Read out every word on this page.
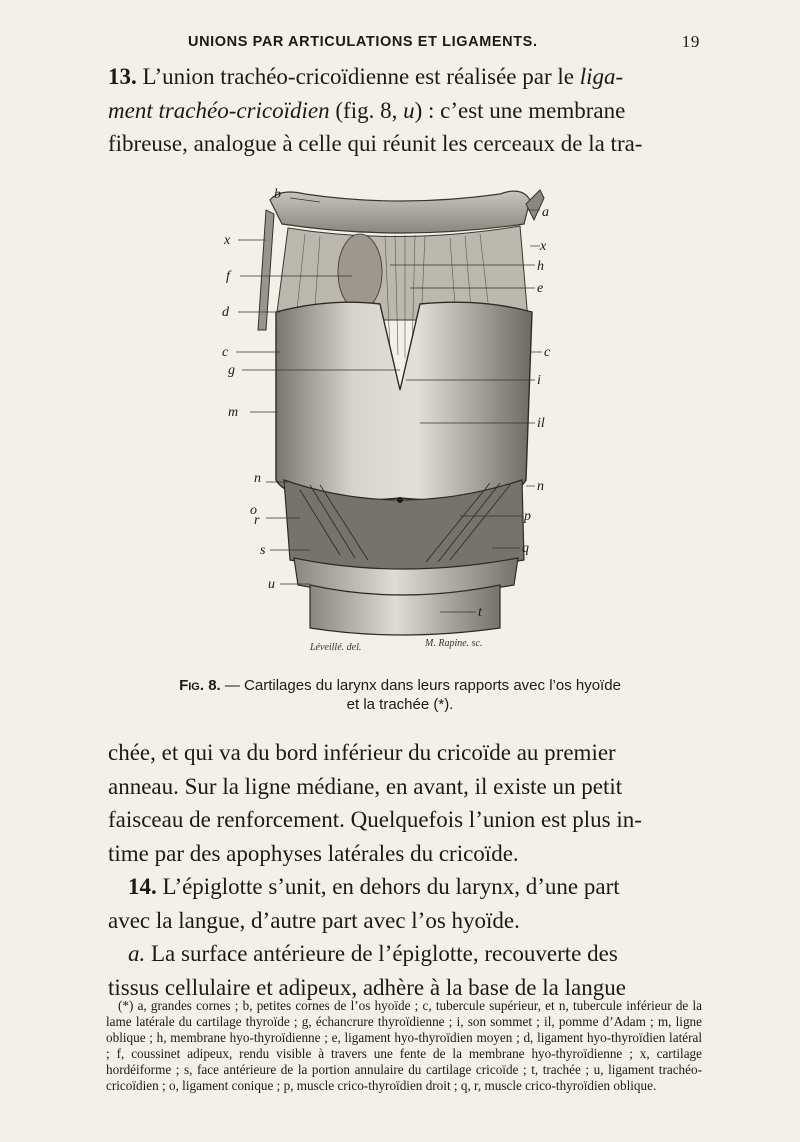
UNIONS PAR ARTICULATIONS ET LIGAMENTS.	19

13. L’union trachéo-cricoïdienne est réalisée par le liga-

ment trachéo-cricoïdien (fig. 8, u) : c’est une membrane

fibreuse, analogue à celle qui réunit les cerceaux de la tra-

b
a
x	x
f
h
e
d
c	c
g
i
m
il
n
n
o
r	p
s	q
u
t
Léveillé. del.	M. Rapine. sc.
Fig. 8. — Cartilages du larynx dans leurs rapports avec l’os hyoïde
et la trachée (*).

chée, et qui va du bord inférieur du cricoïde au premier

anneau. Sur la ligne médiane, en avant, il existe un petit

faisceau de renforcement. Quelquefois l’union est plus in-

time par des apophyses latérales du cricoïde.

14. L’épiglotte s’unit, en dehors du larynx, d’une part

avec la langue, d’autre part avec l’os hyoïde.

a. La surface antérieure de l’épiglotte, recouverte des

tissus cellulaire et adipeux, adhère à la base de la langue

(*) a, grandes cornes ; b, petites cornes de l’os hyoïde ; c, tubercule supérieur, et n, tubercule inférieur de la lame latérale du cartilage thyroïde ; g, échancrure thyroïdienne ; i, son sommet ; il, pomme d’Adam ; m, ligne oblique ; h, membrane hyo-thyroïdienne ; e, ligament hyo-thyroïdien moyen ; d, ligament hyo-thyroïdien latéral ; f, coussinet adipeux, rendu visible à travers une fente de la membrane hyo-thyroïdienne ; x, cartilage hordéiforme ; s, face antérieure de la portion annulaire du cartilage cricoïde ; t, trachée ; u, ligament trachéo-cricoïdien ; o, ligament conique ; p, muscle crico-thyroïdien droit ; q, r, muscle crico-thyroïdien oblique.
